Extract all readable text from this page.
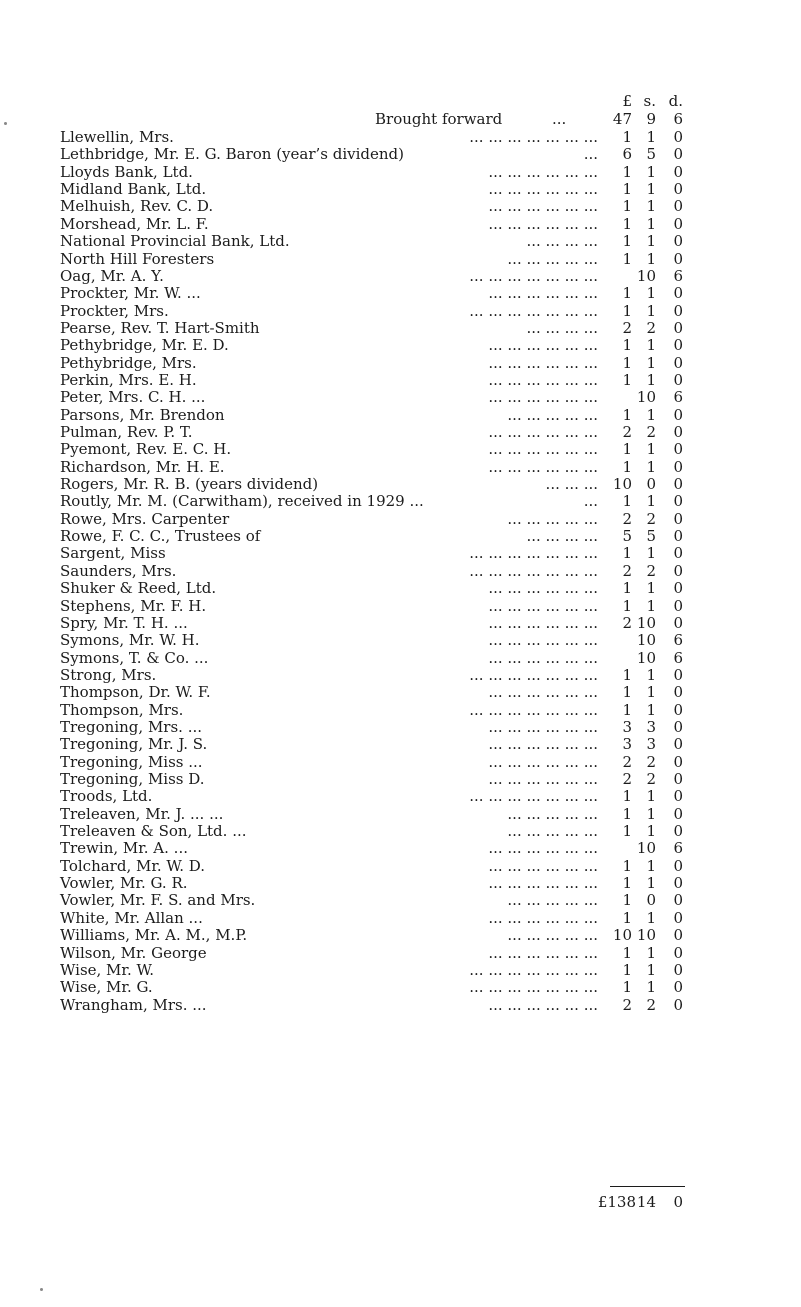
£ s. d.
Brought forward	...	47 9	6
Llewellin, Mrs.	... ... ... ... ... ... ...	1 1	0
Lethbridge, Mr. E. G. Baron (year’s dividend)	...	6 5	0
Lloyds Bank, Ltd.	... ... ... ... ... ...	1 1	0
Midland Bank, Ltd.	... ... ... ... ... ...	1 1	0
Melhuish, Rev. C. D.	... ... ... ... ... ...	1 1	0
Morshead, Mr. L. F.	... ... ... ... ... ...	1 1	0
National Provincial Bank, Ltd.	... ... ... ...	1 1	0
North Hill Foresters	... ... ... ... ...	1 1	0
Oag, Mr. A. Y.	... ... ... ... ... ... ...	10	6
Prockter, Mr. W. ...	... ... ... ... ... ...	1 1	0
Prockter, Mrs.	... ... ... ... ... ... ...	1 1	0
Pearse, Rev. T. Hart-Smith	... ... ... ...	2 2	0
Pethybridge, Mr. E. D.	... ... ... ... ... ...	1 1	0
Pethybridge, Mrs.	... ... ... ... ... ...	1 1	0
Perkin, Mrs. E. H.	... ... ... ... ... ...	1 1	0
Peter, Mrs. C. H. ...	... ... ... ... ... ...	10	6
Parsons, Mr. Brendon	... ... ... ... ...	1 1	0
Pulman, Rev. P. T.	... ... ... ... ... ...	2 2	0
Pyemont, Rev. E. C. H.	... ... ... ... ... ...	1 1	0
Richardson, Mr. H. E.	... ... ... ... ... ...	1 1	0
Rogers, Mr. R. B. (years dividend)	... ... ... 10 0	0
Routly, Mr. M. (Carwitham), received in 1929 ...	...	1 1	0
Rowe, Mrs. Carpenter	... ... ... ... ...	2 2	0
Rowe, F. C. C., Trustees of	... ... ... ...	5 5	0
Sargent, Miss	... ... ... ... ... ... ...	1 1	0
Saunders, Mrs.	... ... ... ... ... ... ...	2 2	0
Shuker & Reed, Ltd.	... ... ... ... ... ...	1 1	0
Stephens, Mr. F. H.	... ... ... ... ... ...	1 1	0
Spry, Mr. T. H. ...	... ... ... ... ... ...	2 10	0
Symons, Mr. W. H.	... ... ... ... ... ...	10	6
Symons, T. & Co. ...	... ... ... ... ... ...	10	6
Strong, Mrs.	... ... ... ... ... ... ...	1 1	0
Thompson, Dr. W. F.	... ... ... ... ... ...	1 1	0
Thompson, Mrs.	... ... ... ... ... ... ...	1 1	0
Tregoning, Mrs. ...	... ... ... ... ... ...	3 3	0
Tregoning, Mr. J. S.	... ... ... ... ... ...	3 3	0
Tregoning, Miss ...	... ... ... ... ... ...	2 2	0
Tregoning, Miss D.	... ... ... ... ... ...	2 2	0
Troods, Ltd.	... ... ... ... ... ... ...	1 1	0
Treleaven, Mr. J. ... ...	... ... ... ... ...	1 1	0
Treleaven & Son, Ltd. ...	... ... ... ... ...	1 1	0
Trewin, Mr. A. ...	... ... ... ... ... ...	10	6
Tolchard, Mr. W. D.	... ... ... ... ... ...	1 1	0
Vowler, Mr. G. R.	... ... ... ... ... ...	1 1	0
Vowler, Mr. F. S. and Mrs.	... ... ... ... ...	1 0	0
White, Mr. Allan ...	... ... ... ... ... ...	1 1	0
Williams, Mr. A. M., M.P.	... ... ... ... ... 10 10	0
Wilson, Mr. George	... ... ... ... ... ...	1 1	0
Wise, Mr. W.	... ... ... ... ... ... ...	1 1	0
Wise, Mr. G.	... ... ... ... ... ... ...	1 1	0
Wrangham, Mrs. ...	... ... ... ... ... ...	2 2	0
£138 14	0
